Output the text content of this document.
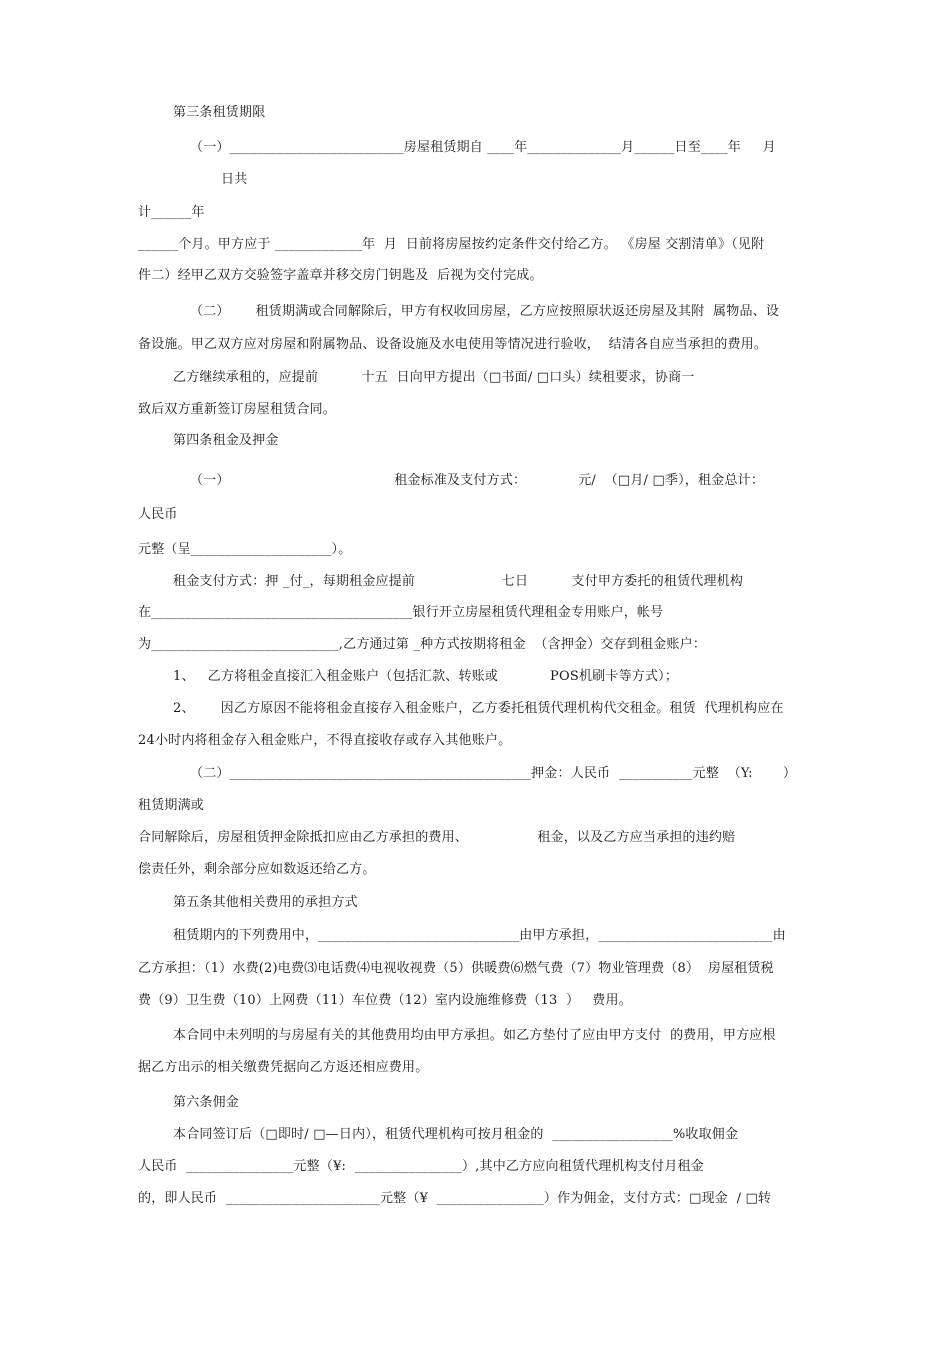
第三条租赁期限
（一）__________________________房屋租赁期自 ____年______________月______日至____年     月
日共
计______年
______个月。甲方应于 _____________年  月  日前将房屋按约定条件交付给乙方。 《房屋 交割清单》（见附
件二）经甲乙双方交验签字盖章并移交房门钥匙及  后视为交付完成。
（二）      租赁期满或合同解除后，甲方有权收回房屋，乙方应按照原状返还房屋及其附  属物品、设
备设施。甲乙双方应对房屋和附属物品、设备设施及水电使用等情况进行验收，  结清各自应当承担的费用。
乙方继续承租的，应提前          十五  日向甲方提出（□书面/ □口头）续租要求，协商一
致后双方重新签订房屋租赁合同。
第四条租金及押金
（一）                                      租金标准及支付方式：            元/  （□月/ □季），租金总计：
人民币
元整（呈_____________________）。
租金支付方式：押 _付_，每期租金应提前                    七日          支付甲方委托的租赁代理机构
在_______________________________________银行开立房屋租赁代理租金专用账户，帐号
为____________________________,乙方通过第 _种方式按期将租金  （含押金）交存到租金账户：
1、   乙方将租金直接汇入租金账户（包括汇款、转账或            POS机刷卡等方式）；
2、      因乙方原因不能将租金直接存入租金账户，乙方委托租赁代理机构代交租金。租赁  代理机构应在
24小时内将租金存入租金账户，不得直接收存或存入其他账户。
（二）_____________________________________________押金：人民币  ___________元整  （Y:       ）
租赁期满或
合同解除后，房屋租赁押金除抵扣应由乙方承担的费用、                租金，以及乙方应当承担的违约赔
偿责任外，剩余部分应如数返还给乙方。
第五条其他相关费用的承担方式
租赁期内的下列费用中，______________________________由甲方承担，__________________________由
乙方承担：（1）水费(2)电费⑶电话费⑷电视收视费（5）供暖费⑹燃气费（7）物业管理费（8）  房屋租赁税
费（9）卫生费（10）上网费（11）车位费（12）室内设施维修费（13  ）   费用。
本合同中未列明的与房屋有关的其他费用均由甲方承担。如乙方垫付了应由甲方支付  的费用，甲方应根
据乙方出示的相关缴费凭据向乙方返还相应费用。
第六条佣金
本合同签订后（□即时/ □—日内），租赁代理机构可按月租金的  __________________%收取佣金
人民币  ________________元整（¥:  ________________）,其中乙方应向租赁代理机构支付月租金
的，即人民币  _______________________元整（¥  ________________）作为佣金，支付方式：□现金  / □转
